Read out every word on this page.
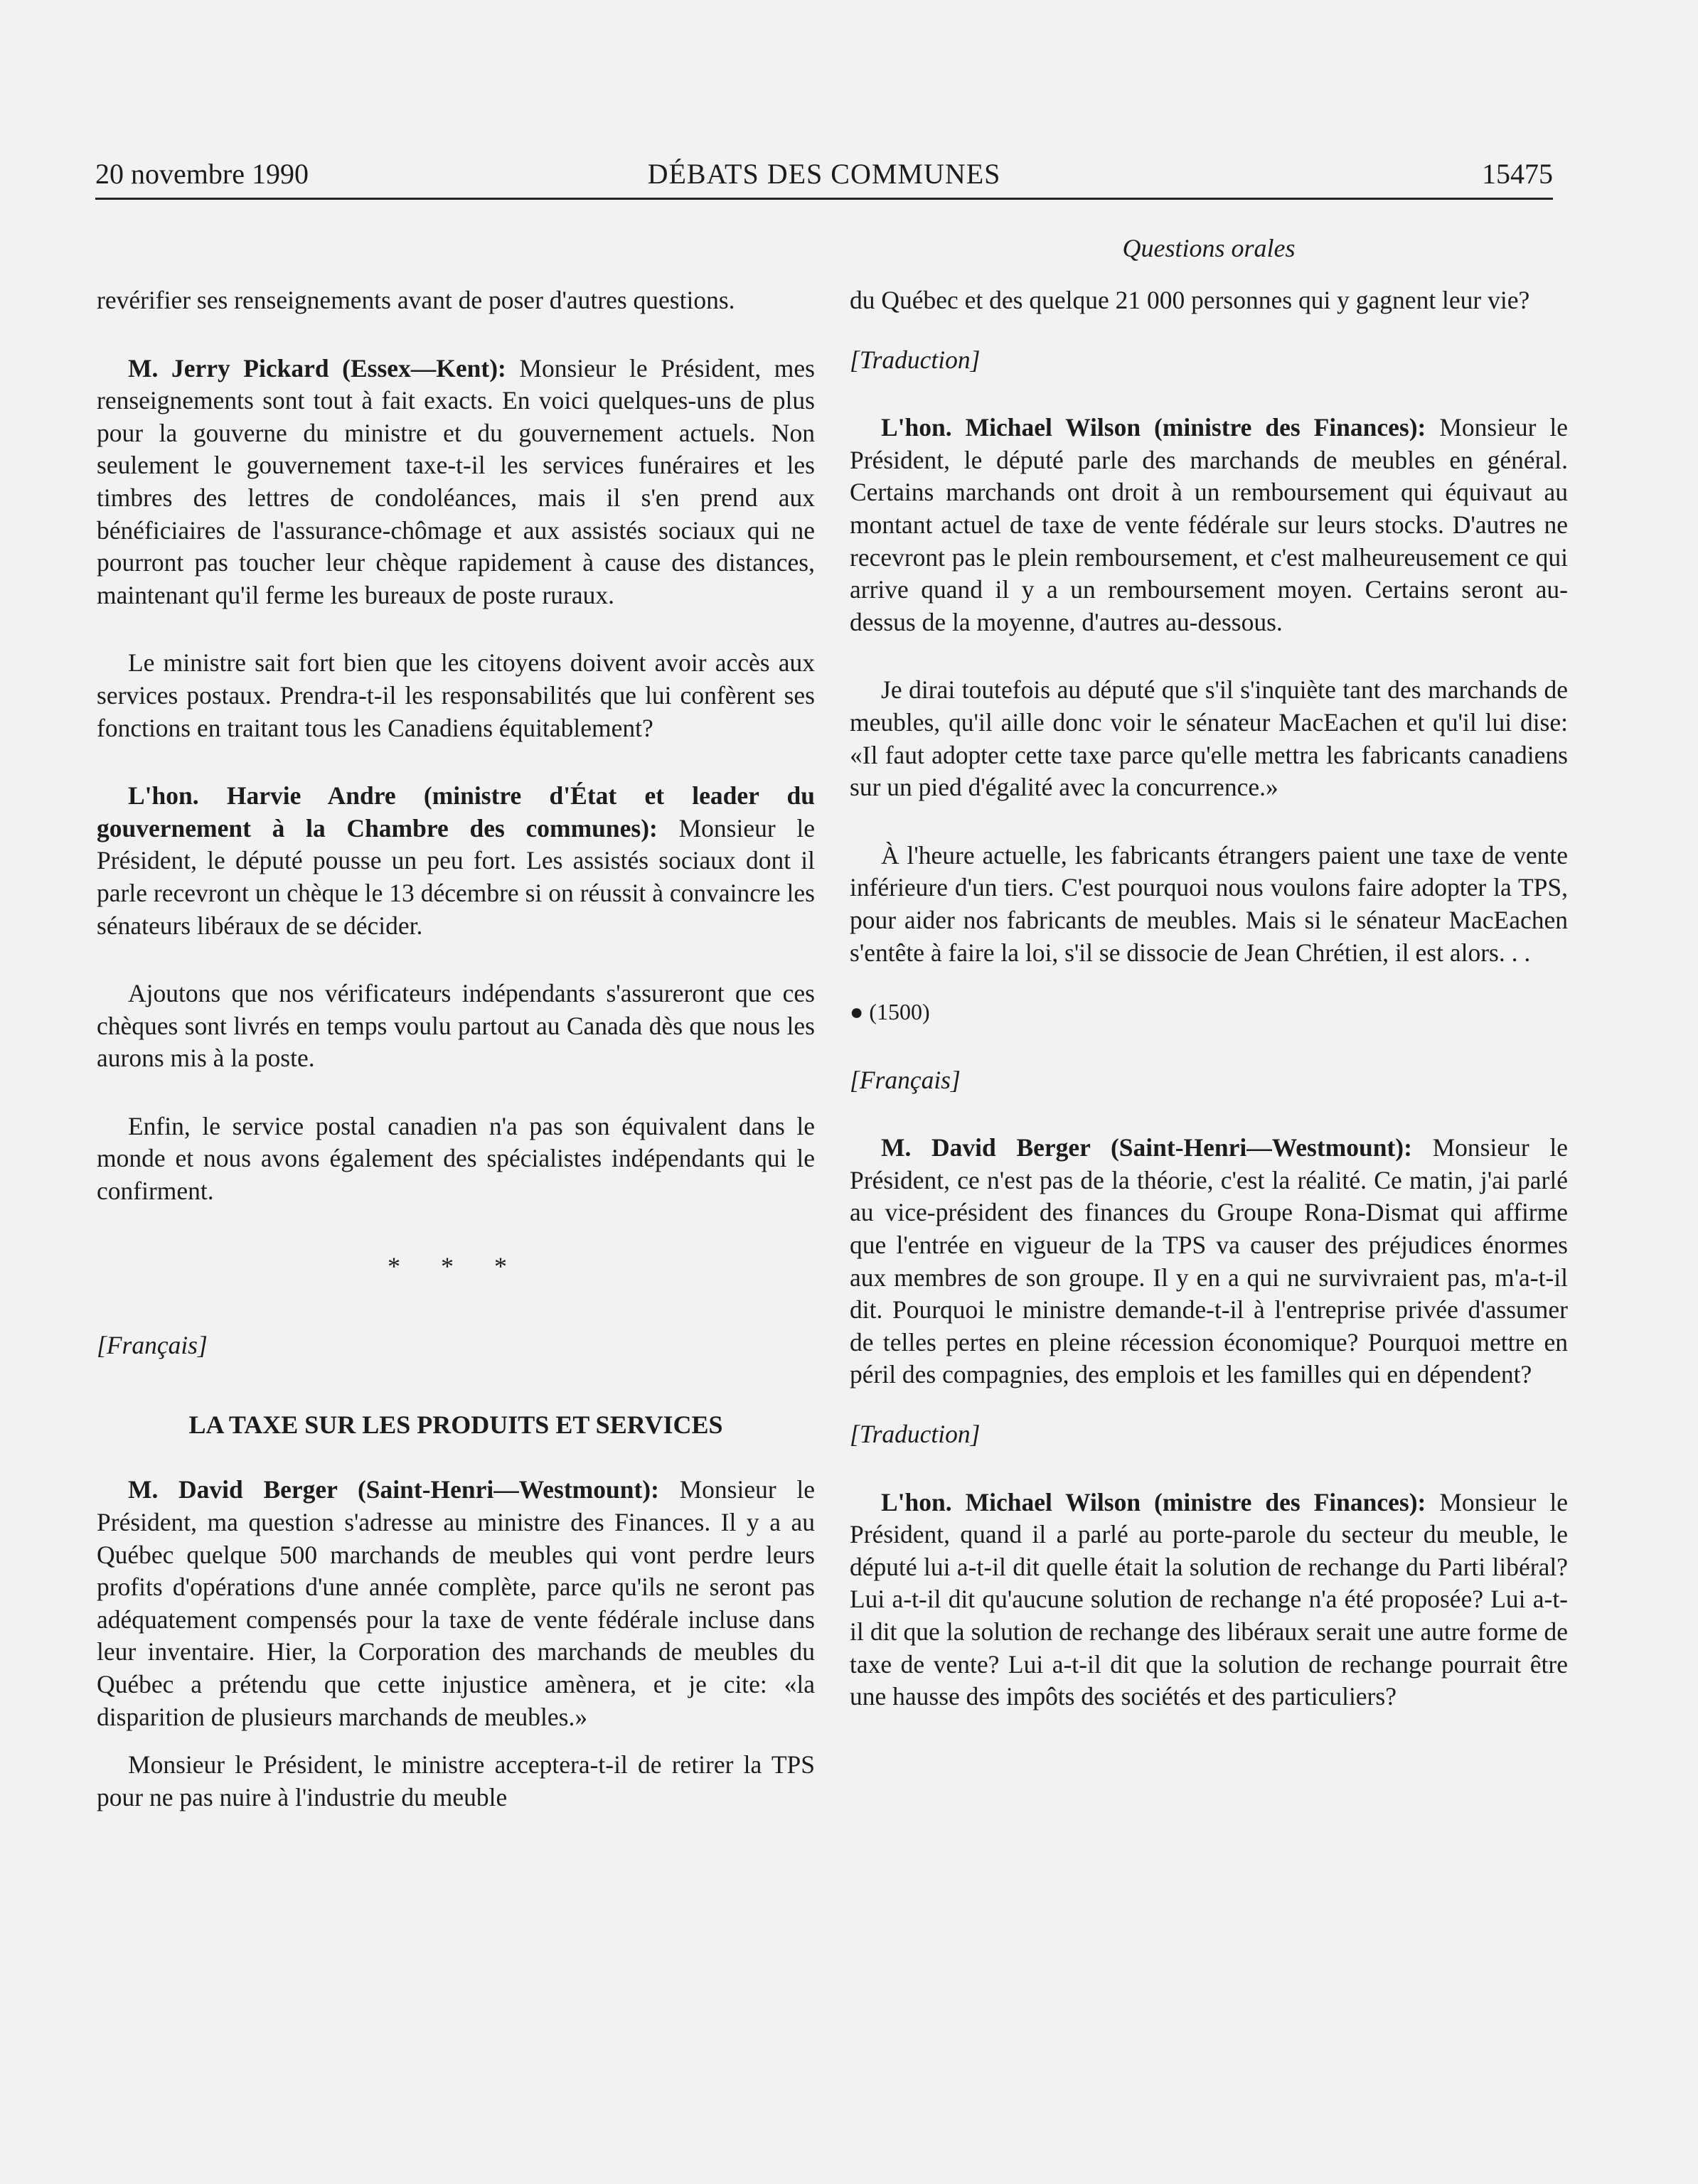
20 novembre 1990	DÉBATS DES COMMUNES	15475
Questions orales

revérifier ses renseignements avant de poser d'autres questions.

M. Jerry Pickard (Essex—Kent): Monsieur le Président, mes renseignements sont tout à fait exacts. En voici quelques-uns de plus pour la gouverne du ministre et du gouvernement actuels. Non seulement le gouvernement taxe-t-il les services funéraires et les timbres des lettres de condoléances, mais il s'en prend aux bénéficiaires de l'assurance-chômage et aux assistés sociaux qui ne pourront pas toucher leur chèque rapidement à cause des distances, maintenant qu'il ferme les bureaux de poste ruraux.

Le ministre sait fort bien que les citoyens doivent avoir accès aux services postaux. Prendra-t-il les responsabilités que lui confèrent ses fonctions en traitant tous les Canadiens équitablement?

L'hon. Harvie Andre (ministre d'État et leader du gouvernement à la Chambre des communes): Monsieur le Président, le député pousse un peu fort. Les assistés sociaux dont il parle recevront un chèque le 13 décembre si on réussit à convaincre les sénateurs libéraux de se décider.

Ajoutons que nos vérificateurs indépendants s'assureront que ces chèques sont livrés en temps voulu partout au Canada dès que nous les aurons mis à la poste.

Enfin, le service postal canadien n'a pas son équivalent dans le monde et nous avons également des spécialistes indépendants qui le confirment.

* * *

[Français]

LA TAXE SUR LES PRODUITS ET SERVICES

M. David Berger (Saint-Henri—Westmount): Monsieur le Président, ma question s'adresse au ministre des Finances. Il y a au Québec quelque 500 marchands de meubles qui vont perdre leurs profits d'opérations d'une année complète, parce qu'ils ne seront pas adéquatement compensés pour la taxe de vente fédérale incluse dans leur inventaire. Hier, la Corporation des marchands de meubles du Québec a prétendu que cette injustice amènera, et je cite: «la disparition de plusieurs marchands de meubles.»

Monsieur le Président, le ministre acceptera-t-il de retirer la TPS pour ne pas nuire à l'industrie du meuble

du Québec et des quelque 21 000 personnes qui y gagnent leur vie?

[Traduction]

L'hon. Michael Wilson (ministre des Finances): Monsieur le Président, le député parle des marchands de meubles en général. Certains marchands ont droit à un remboursement qui équivaut au montant actuel de taxe de vente fédérale sur leurs stocks. D'autres ne recevront pas le plein remboursement, et c'est malheureusement ce qui arrive quand il y a un remboursement moyen. Certains seront au-dessus de la moyenne, d'autres au-dessous.

Je dirai toutefois au député que s'il s'inquiète tant des marchands de meubles, qu'il aille donc voir le sénateur MacEachen et qu'il lui dise: «Il faut adopter cette taxe parce qu'elle mettra les fabricants canadiens sur un pied d'égalité avec la concurrence.»

À l'heure actuelle, les fabricants étrangers paient une taxe de vente inférieure d'un tiers. C'est pourquoi nous voulons faire adopter la TPS, pour aider nos fabricants de meubles. Mais si le sénateur MacEachen s'entête à faire la loi, s'il se dissocie de Jean Chrétien, il est alors. . .

● (1500)

[Français]

M. David Berger (Saint-Henri—Westmount): Monsieur le Président, ce n'est pas de la théorie, c'est la réalité. Ce matin, j'ai parlé au vice-président des finances du Groupe Rona-Dismat qui affirme que l'entrée en vigueur de la TPS va causer des préjudices énormes aux membres de son groupe. Il y en a qui ne survivraient pas, m'a-t-il dit. Pourquoi le ministre demande-t-il à l'entreprise privée d'assumer de telles pertes en pleine récession économique? Pourquoi mettre en péril des compagnies, des emplois et les familles qui en dépendent?

[Traduction]

L'hon. Michael Wilson (ministre des Finances): Monsieur le Président, quand il a parlé au porte-parole du secteur du meuble, le député lui a-t-il dit quelle était la solution de rechange du Parti libéral? Lui a-t-il dit qu'aucune solution de rechange n'a été proposée? Lui a-t-il dit que la solution de rechange des libéraux serait une autre forme de taxe de vente? Lui a-t-il dit que la solution de rechange pourrait être une hausse des impôts des sociétés et des particuliers?
